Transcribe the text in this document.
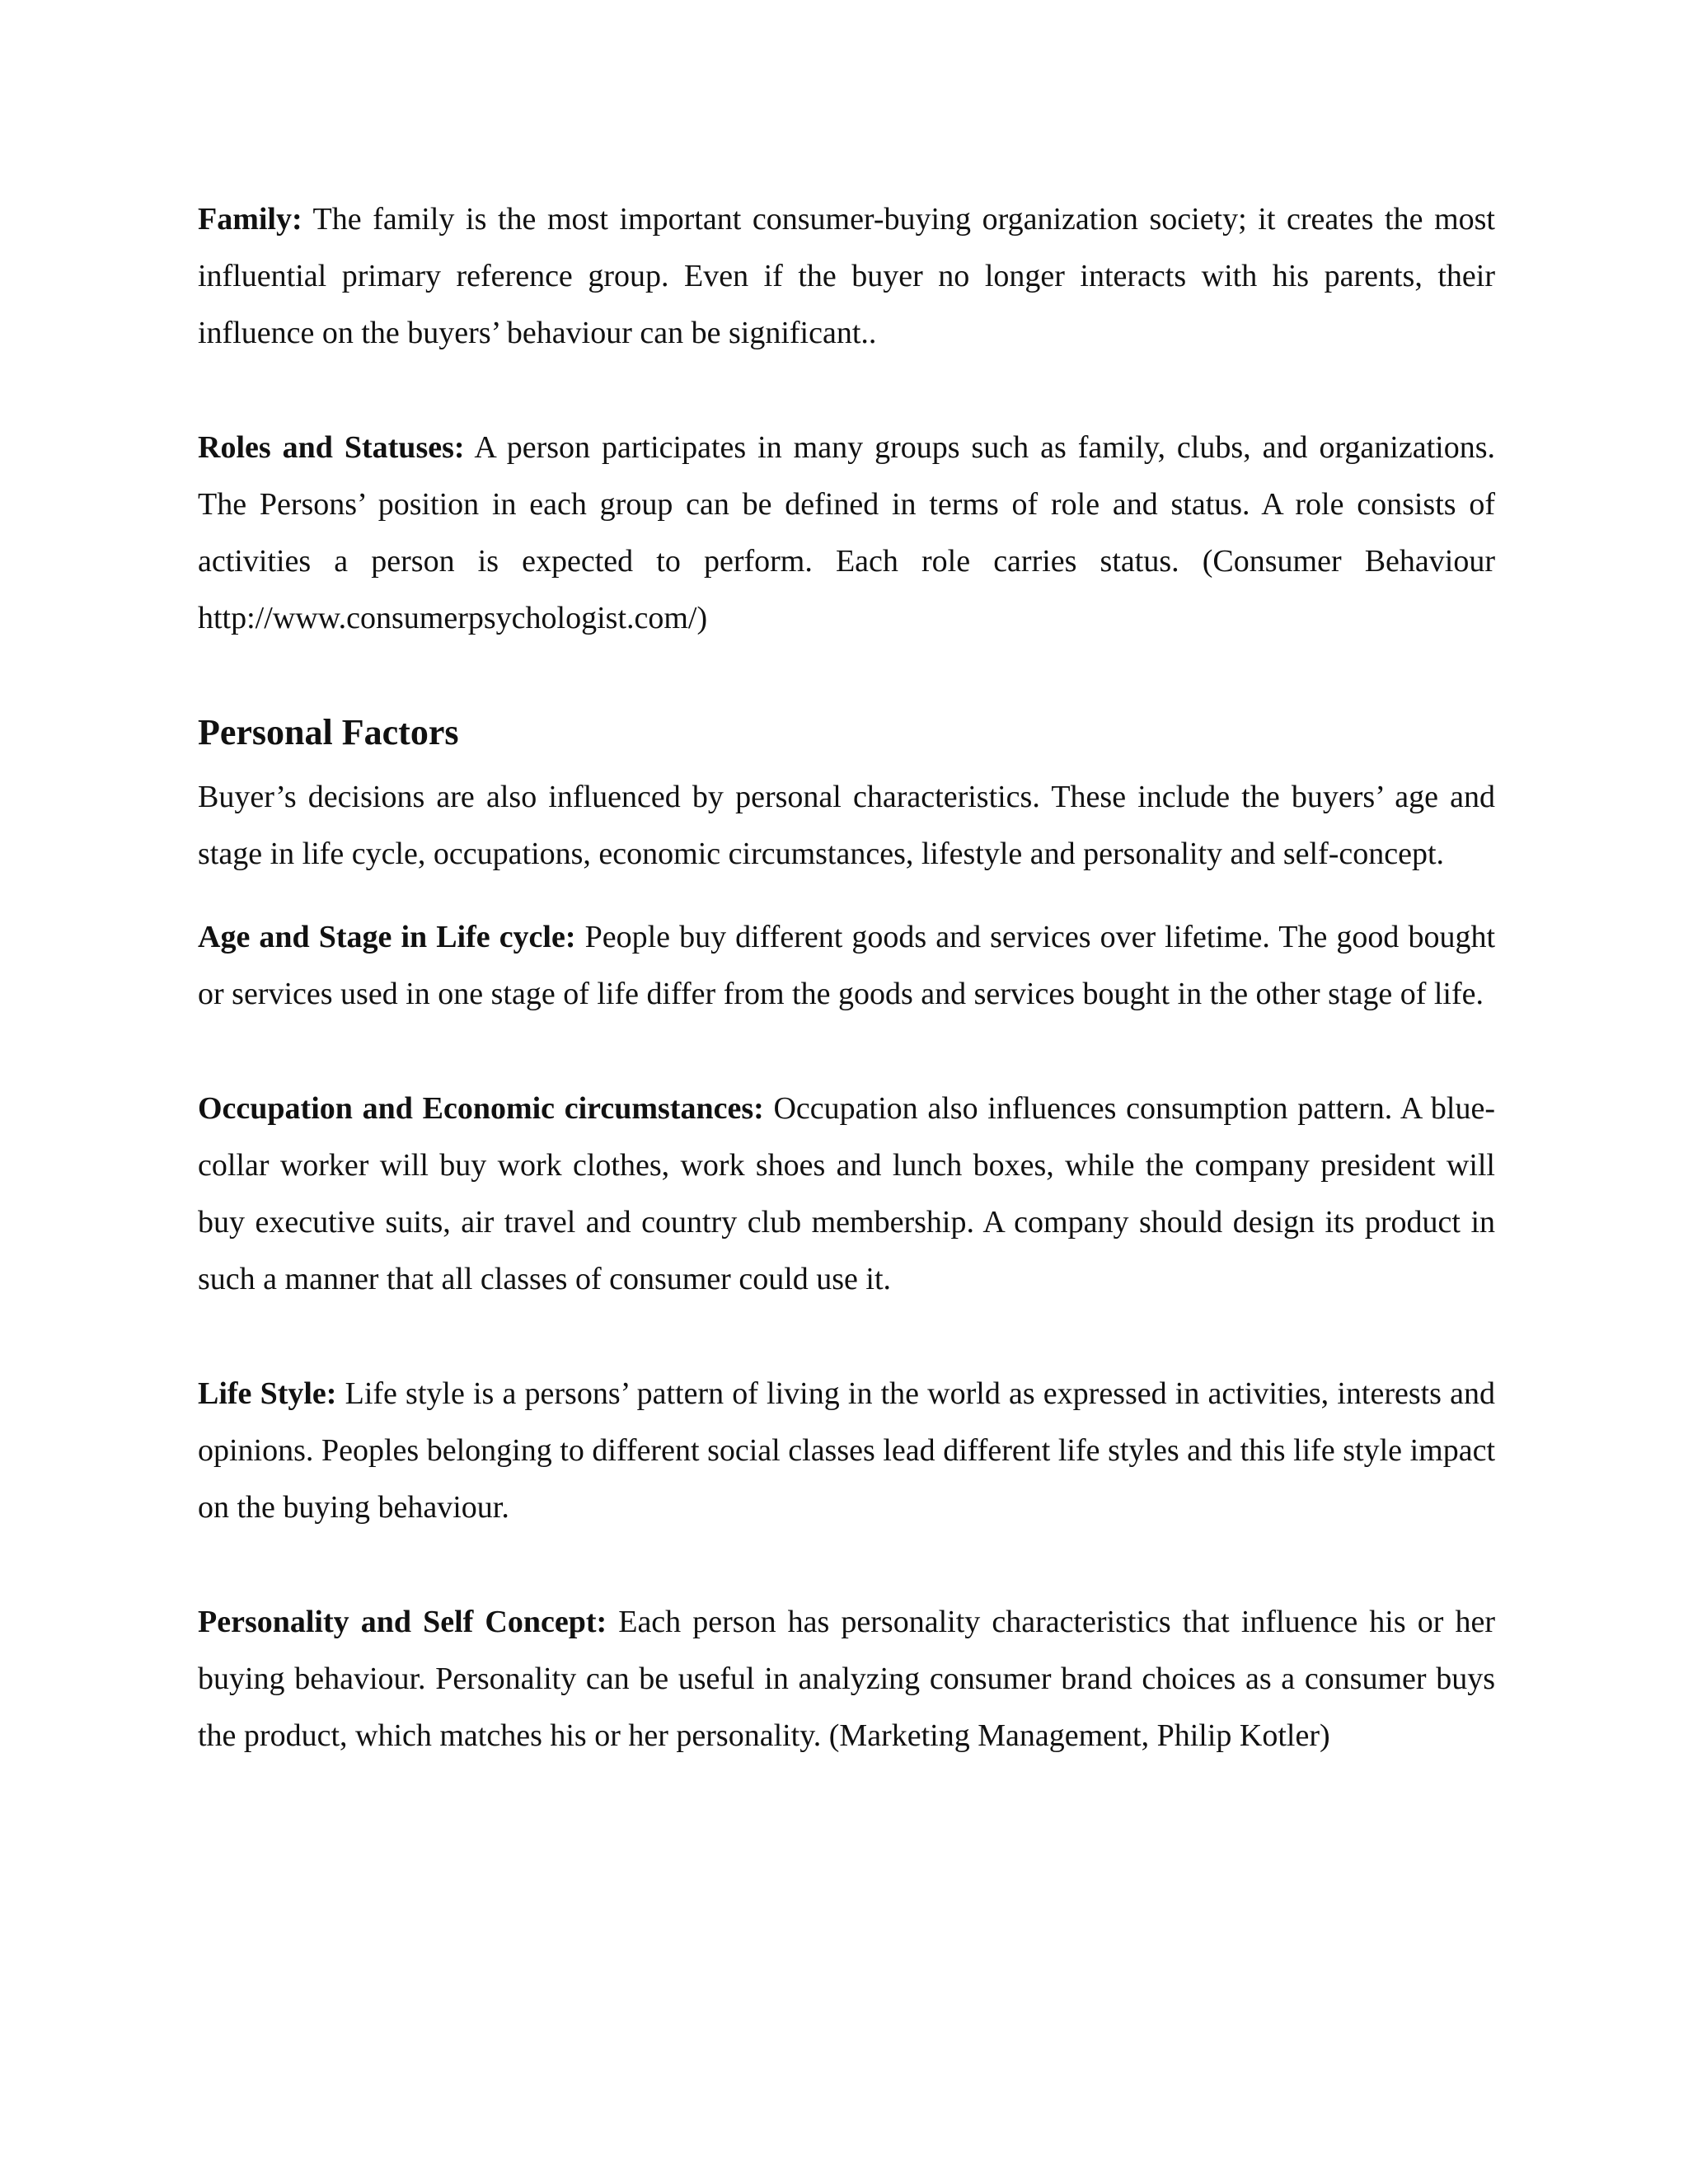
Family: The family is the most important consumer-buying organization society; it creates the most influential primary reference group. Even if the buyer no longer interacts with his parents, their influence on the buyers’ behaviour can be significant..

Roles and Statuses: A person participates in many groups such as family, clubs, and organizations. The Persons’ position in each group can be defined in terms of role and status. A role consists of activities a person is expected to perform. Each role carries status. (Consumer Behaviour http://www.consumerpsychologist.com/)

Personal Factors

Buyer’s decisions are also influenced by personal characteristics. These include the buyers’ age and stage in life cycle, occupations, economic circumstances, lifestyle and personality and self-concept.

Age and Stage in Life cycle: People buy different goods and services over lifetime. The good bought or services used in one stage of life differ from the goods and services bought in the other stage of life.

Occupation and Economic circumstances: Occupation also influences consumption pattern. A blue-collar worker will buy work clothes, work shoes and lunch boxes, while the company president will buy executive suits, air travel and country club membership. A company should design its product in such a manner that all classes of consumer could use it.

Life Style: Life style is a persons’ pattern of living in the world as expressed in activities, interests and opinions. Peoples belonging to different social classes lead different life styles and this life style impact on the buying behaviour.

Personality and Self Concept: Each person has personality characteristics that influence his or her buying behaviour. Personality can be useful in analyzing consumer brand choices as a consumer buys the product, which matches his or her personality. (Marketing Management, Philip Kotler)
